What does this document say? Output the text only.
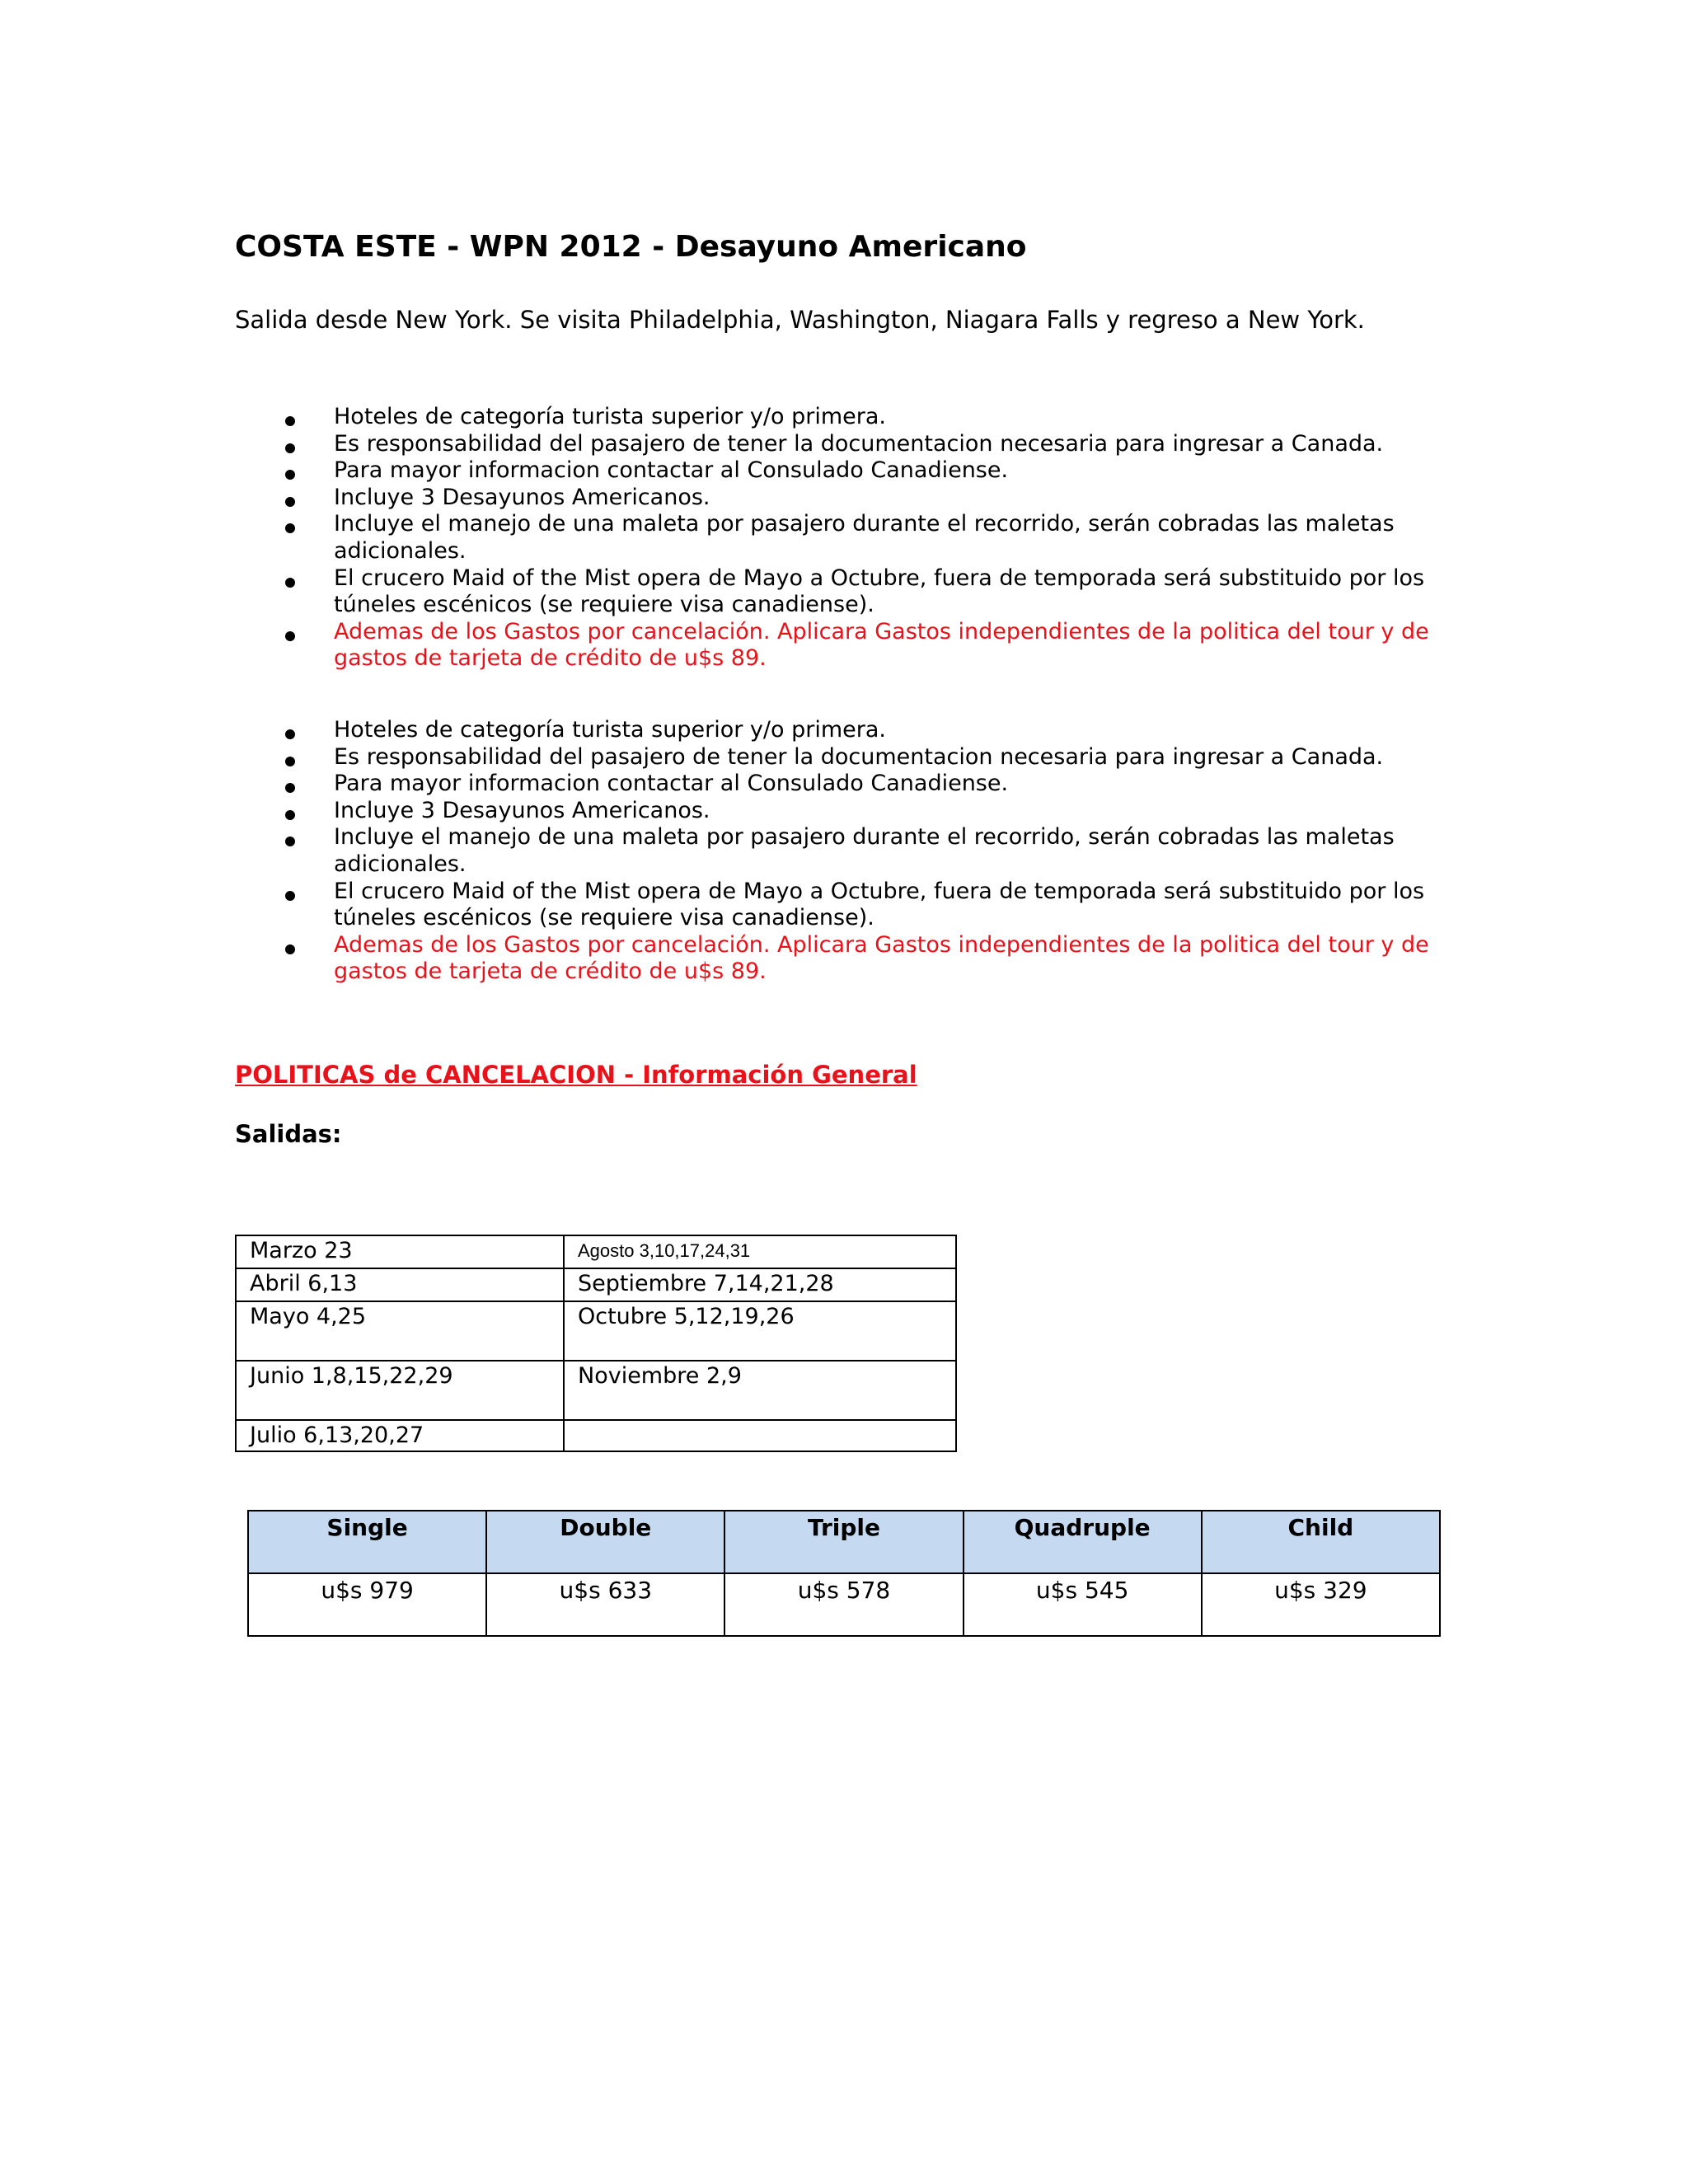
COSTA ESTE - WPN 2012 - Desayuno Americano

Salida desde New York. Se visita Philadelphia, Washington, Niagara Falls y regreso a New York.

Hoteles de categoría turista superior y/o primera.
Es responsabilidad del pasajero de tener la documentacion necesaria para ingresar a Canada.
Para mayor informacion contactar al Consulado Canadiense.
Incluye 3 Desayunos Americanos.
Incluye el manejo de una maleta por pasajero durante el recorrido, serán cobradas las maletas adicionales.
El crucero Maid of the Mist opera de Mayo a Octubre, fuera de temporada será substituido por los túneles escénicos (se requiere visa canadiense).
Ademas de los Gastos por cancelación. Aplicara Gastos independientes de la politica del tour y de gastos de tarjeta de crédito de u$s 89.
Hoteles de categoría turista superior y/o primera.
Es responsabilidad del pasajero de tener la documentacion necesaria para ingresar a Canada.
Para mayor informacion contactar al Consulado Canadiense.
Incluye 3 Desayunos Americanos.
Incluye el manejo de una maleta por pasajero durante el recorrido, serán cobradas las maletas adicionales.
El crucero Maid of the Mist opera de Mayo a Octubre, fuera de temporada será substituido por los túneles escénicos (se requiere visa canadiense).
Ademas de los Gastos por cancelación. Aplicara Gastos independientes de la politica del tour y de gastos de tarjeta de crédito de u$s 89.

POLITICAS de CANCELACION - Información General

Salidas:

Marzo 23	Agosto 3,10,17,24,31
Abril 6,13	Septiembre 7,14,21,28
Mayo 4,25	Octubre 5,12,19,26
Junio 1,8,15,22,29	Noviembre 2,9
Julio 6,13,20,27	
Single	Double	Triple	Quadruple	Child
u$s 979	u$s 633	u$s 578	u$s 545	u$s 329
